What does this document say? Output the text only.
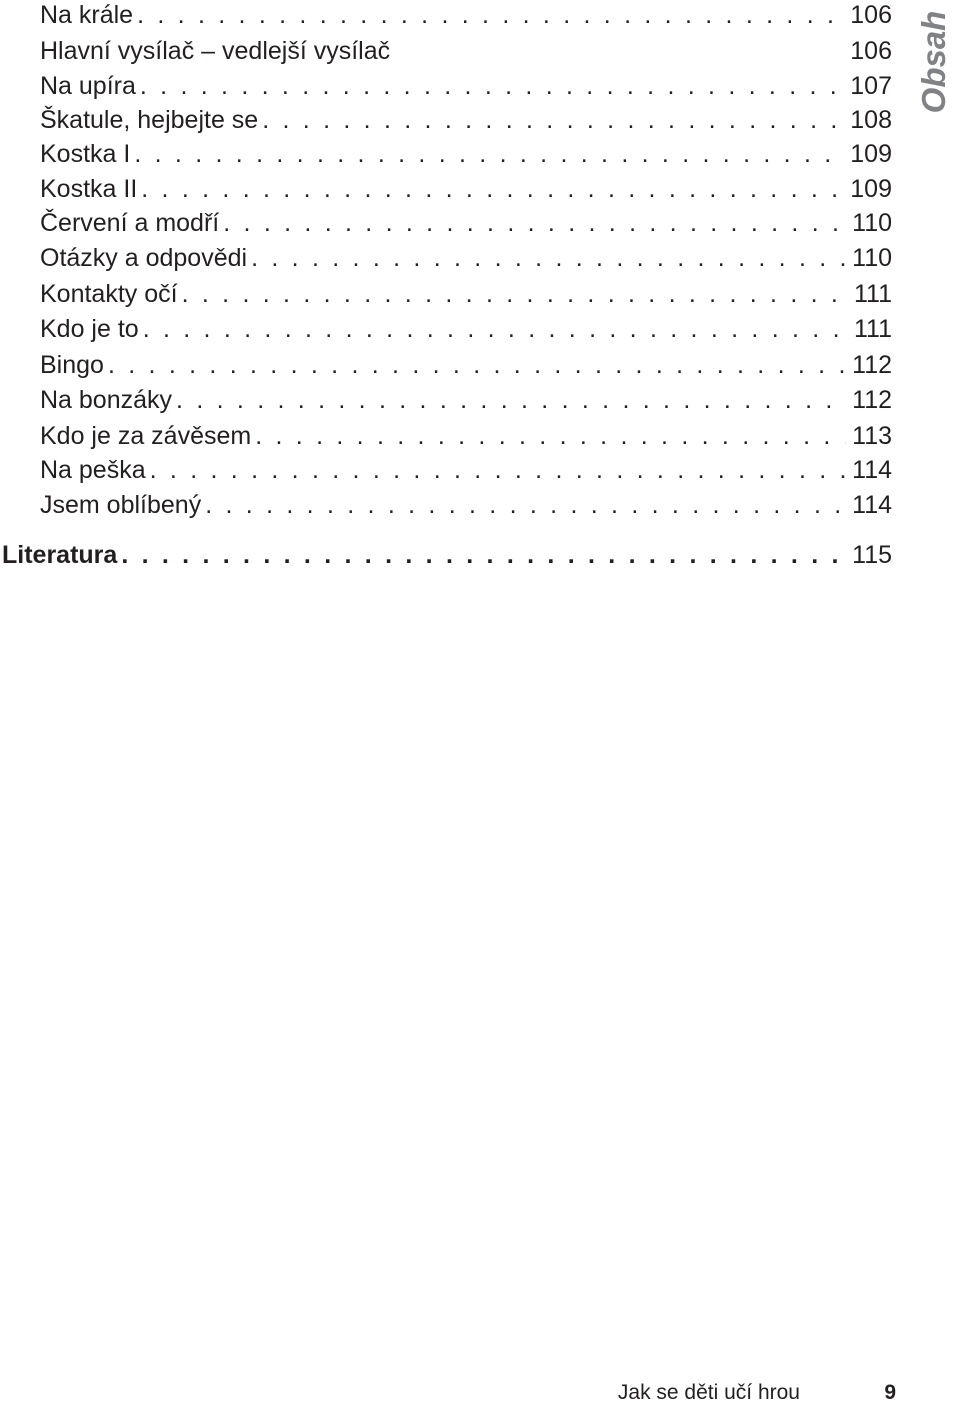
Na krále . . .	106
Hlavní vysílač – vedlejší vysílač	106
Na upíra . . .	107
Škatule, hejbejte se . . .	108
Kostka I . . .	109
Kostka II . . .	109
Červení a modří . . .	110
Otázky a odpovědi . . .	110
Kontakty očí . . .	111
Kdo je to . . .	111
Bingo . . .	112
Na bonzáky . . .	112
Kdo je za závěsem . . .	113
Na peška . . .	114
Jsem oblíbený . . .	114
Literatura . . .	115
Obsah
Jak se děti učí hrou	9
